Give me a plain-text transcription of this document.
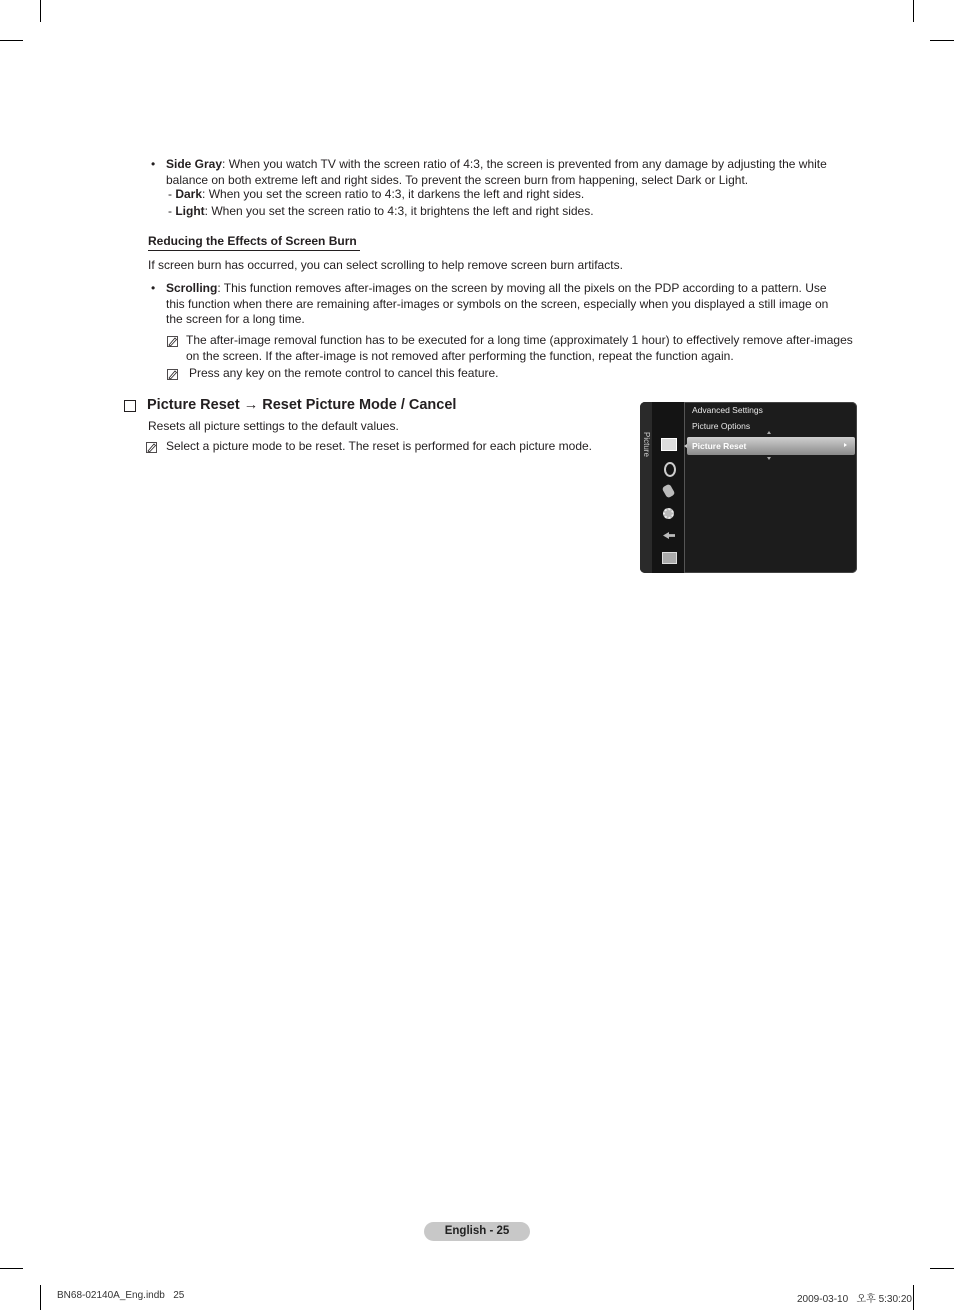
• Side Gray: When you watch TV with the screen ratio of 4:3, the screen is prevented from any damage by adjusting the white
balance on both extreme left and right sides. To prevent the screen burn from happening, select Dark or Light.
- Dark: When you set the screen ratio to 4:3, it darkens the left and right sides.
- Light: When you set the screen ratio to 4:3, it brightens the left and right sides.
Reducing the Effects of Screen Burn
If screen burn has occurred, you can select scrolling to help remove screen burn artifacts.
• Scrolling: This function removes after-images on the screen by moving all the pixels on the PDP according to a pattern. Use
this function when there are remaining after-images or symbols on the screen, especially when you displayed a still image on
the screen for a long time.
The after-image removal function has to be executed for a long time (approximately 1 hour) to effectively remove after-images
on the screen. If the after-image is not removed after performing the function, repeat the function again.
Press any key on the remote control to cancel this feature.
Picture Reset → Reset Picture Mode / Cancel
Resets all picture settings to the default values.
Select a picture mode to be reset. The reset is performed for each picture mode.	Picture
Advanced Settings
Picture Options
Picture Reset
English - 25
BN68-02140A_Eng.indb   25	2009-03-10   오후 5:30:20
